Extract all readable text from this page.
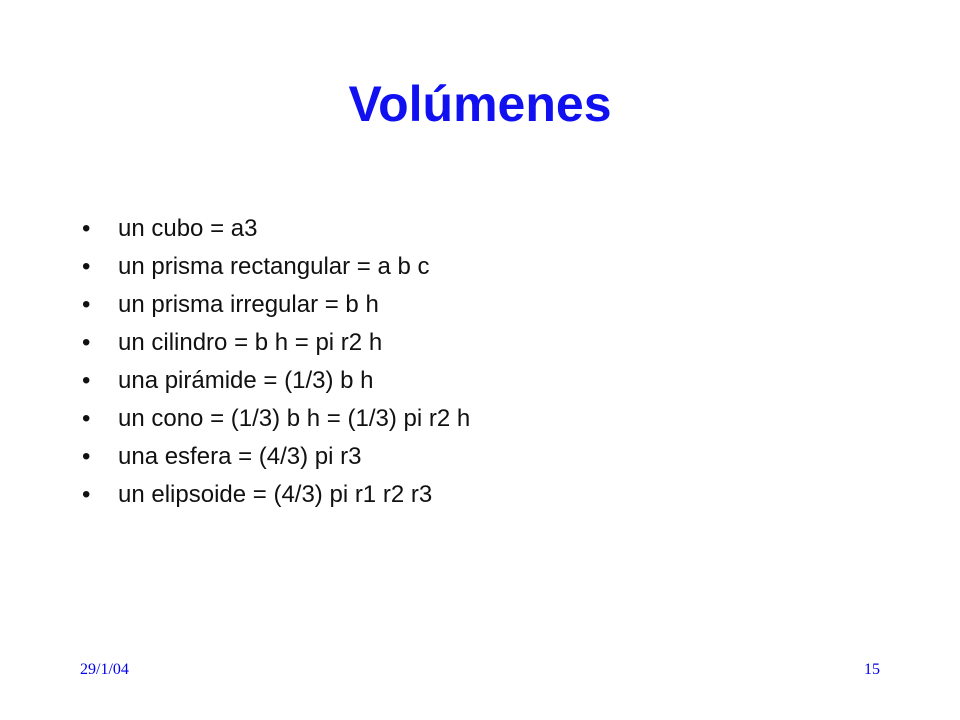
Volúmenes
•	un cubo = a3
•	un prisma rectangular = a b c
•	un prisma irregular = b h
•	un cilindro = b h = pi r2 h
•	una pirámide = (1/3) b h
•	un cono = (1/3) b h = (1/3) pi r2 h
•	una esfera = (4/3) pi r3
•	un elipsoide = (4/3) pi r1 r2 r3
29/1/04	15
